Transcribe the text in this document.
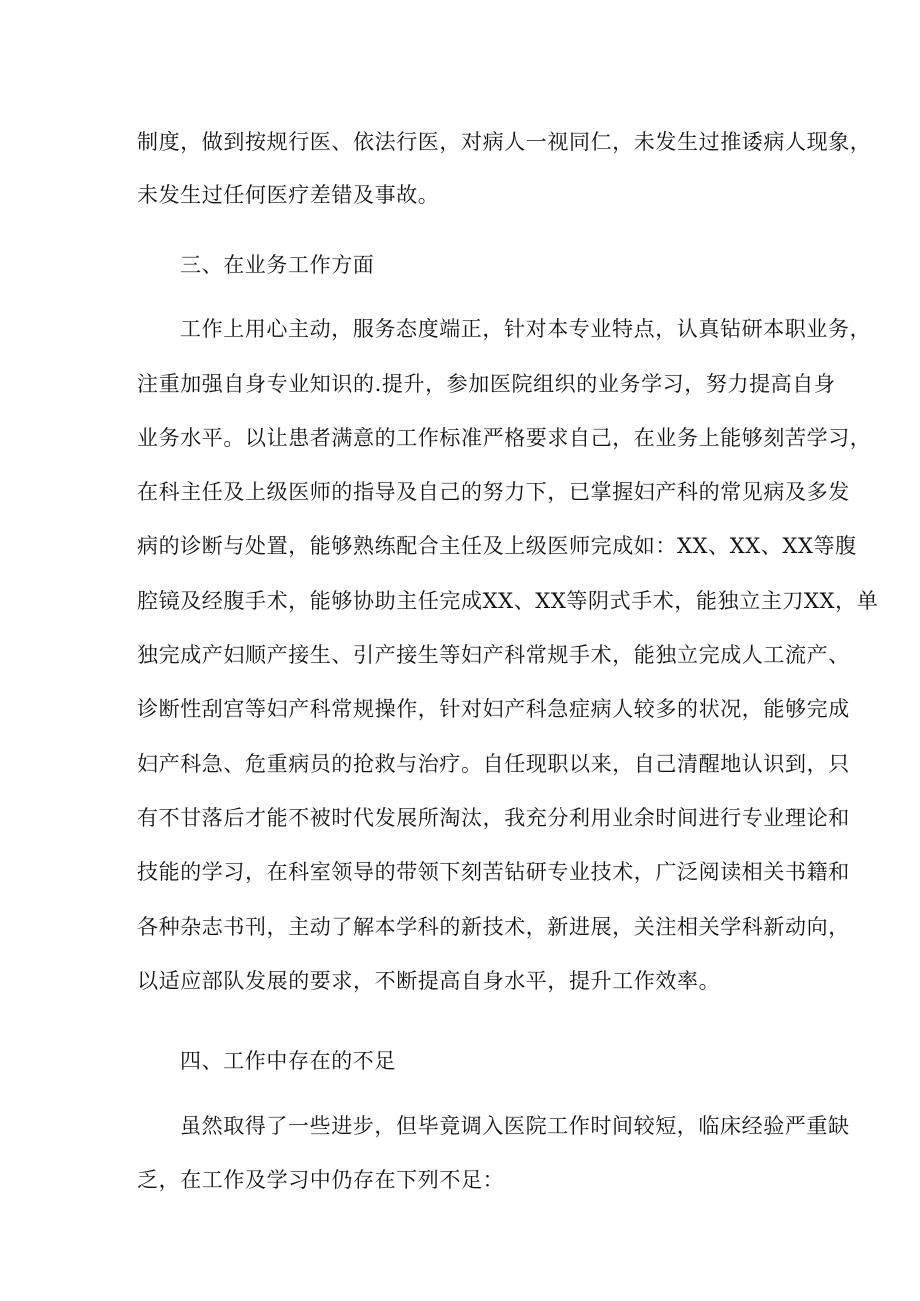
制度，做到按规行医、依法行医，对病人一视同仁，未发生过推诿病人现象，
未发生过任何医疗差错及事故。
三、在业务工作方面
工作上用心主动，服务态度端正，针对本专业特点，认真钻研本职业务，
注重加强自身专业知识的.提升，参加医院组织的业务学习，努力提高自身
业务水平。以让患者满意的工作标准严格要求自己，在业务上能够刻苦学习，
在科主任及上级医师的指导及自己的努力下，已掌握妇产科的常见病及多发
病的诊断与处置，能够熟练配合主任及上级医师完成如：XX、XX、XX等腹
腔镜及经腹手术，能够协助主任完成XX、XX等阴式手术，能独立主刀XX，单
独完成产妇顺产接生、引产接生等妇产科常规手术，能独立完成人工流产、
诊断性刮宫等妇产科常规操作，针对妇产科急症病人较多的状况，能够完成
妇产科急、危重病员的抢救与治疗。自任现职以来，自己清醒地认识到，只
有不甘落后才能不被时代发展所淘汰，我充分利用业余时间进行专业理论和
技能的学习，在科室领导的带领下刻苦钻研专业技术，广泛阅读相关书籍和
各种杂志书刊，主动了解本学科的新技术，新进展，关注相关学科新动向，
以适应部队发展的要求，不断提高自身水平，提升工作效率。
四、工作中存在的不足
虽然取得了一些进步，但毕竟调入医院工作时间较短，临床经验严重缺
乏，在工作及学习中仍存在下列不足：
